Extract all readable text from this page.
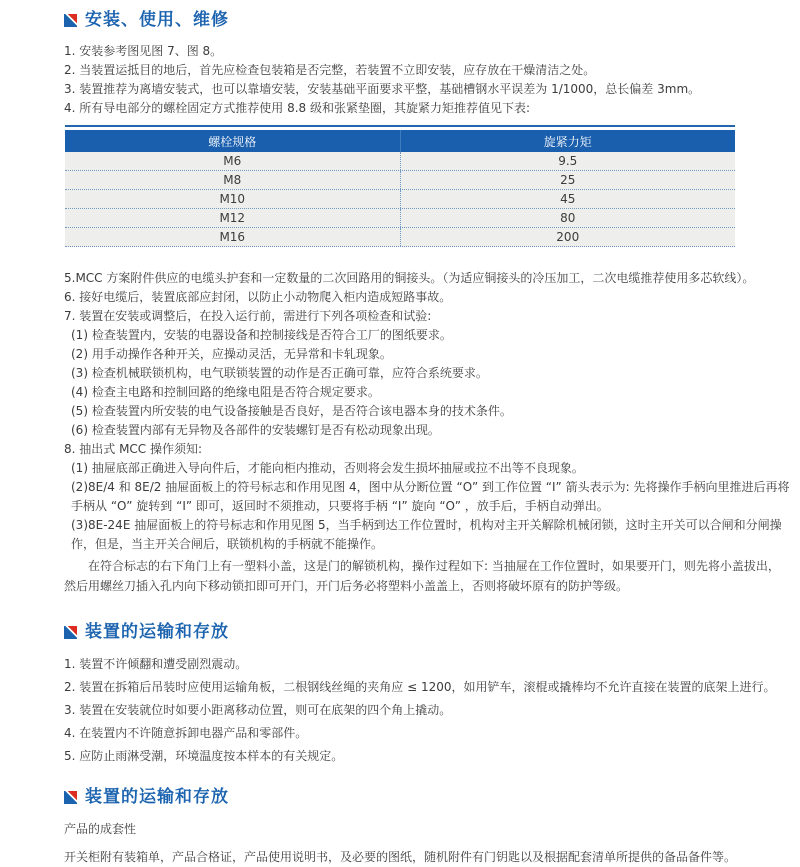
安装、使用、维修

1. 安装参考图见图 7、图 8。

2. 当装置运抵目的地后，首先应检查包装箱是否完整，若装置不立即安装，应存放在干燥清洁之处。

3. 装置推荐为离墙安装式，也可以靠墙安装，安装基础平面要求平整，基础槽钢水平误差为 1/1000，总长偏差 3mm。

4. 所有导电部分的螺栓固定方式推荐使用 8.8 级和张紧垫圈，其旋紧力矩推荐值见下表:

螺栓规格	旋紧力矩
M6	9.5
M8	25
M10	45
M12	80
M16	200

5.MCC 方案附件供应的电缆头护套和一定数量的二次回路用的铜接头。（为适应铜接头的冷压加工，二次电缆推荐使用多芯软线）。

6. 接好电缆后，装置底部应封闭，以防止小动物爬入柜内造成短路事故。

7. 装置在安装或调整后，在投入运行前，需进行下列各项检查和试验:

(1) 检查装置内，安装的电器设备和控制接线是否符合工厂的图纸要求。

(2) 用手动操作各种开关，应操动灵活，无异常和卡轧现象。

(3) 检查机械联锁机构，电气联锁装置的动作是否正确可靠，应符合系统要求。

(4) 检查主电路和控制回路的绝缘电阻是否符合规定要求。

(5) 检查装置内所安装的电气设备接触是否良好，是否符合该电器本身的技术条件。

(6) 检查装置内部有无异物及各部件的安装螺钉是否有松动现象出现。

8. 抽出式 MCC 操作须知:

(1) 抽屉底部正确进入导向件后，才能向柜内推动，否则将会发生损坏抽屉或拉不出等不良现象。

(2)8E/4 和 8E/2 抽屉面板上的符号标志和作用见图 4，图中从分断位置 “O” 到工作位置 “I” 箭头表示为: 先将操作手柄向里推进后再将手柄从 “O” 旋转到 “I” 即可，返回时不须推动，只要将手柄 “I” 旋向 “O” ，放手后，手柄自动弹出。

(3)8E-24E 抽屉面板上的符号标志和作用见图 5，当手柄到达工作位置时，机构对主开关解除机械闭锁，这时主开关可以合闸和分闸操作，但是，当主开关合闸后，联锁机构的手柄就不能操作。

在符合标志的右下角门上有一塑料小盖，这是门的解锁机构，操作过程如下: 当抽屉在工作位置时，如果要开门，则先将小盖拔出，然后用螺丝刀插入孔内向下移动锁扣即可开门，开门后务必将塑料小盖盖上，否则将破坏原有的防护等级。

装置的运输和存放

1. 装置不许倾翻和遭受剧烈震动。

2. 装置在拆箱后吊装时应使用运输角板，二根钢线丝绳的夹角应 ≤ 1200，如用铲车，滚棍或撬棒均不允许直接在装置的底架上进行。

3. 装置在安装就位时如要小距离移动位置，则可在底架的四个角上撬动。

4. 在装置内不许随意拆卸电器产品和零部件。

5. 应防止雨淋受潮，环境温度按本样本的有关规定。

装置的运输和存放

产品的成套性

开关柜附有装箱单，产品合格证，产品使用说明书，及必要的图纸，随机附件有门钥匙以及根据配套清单所提供的备品备件等。
